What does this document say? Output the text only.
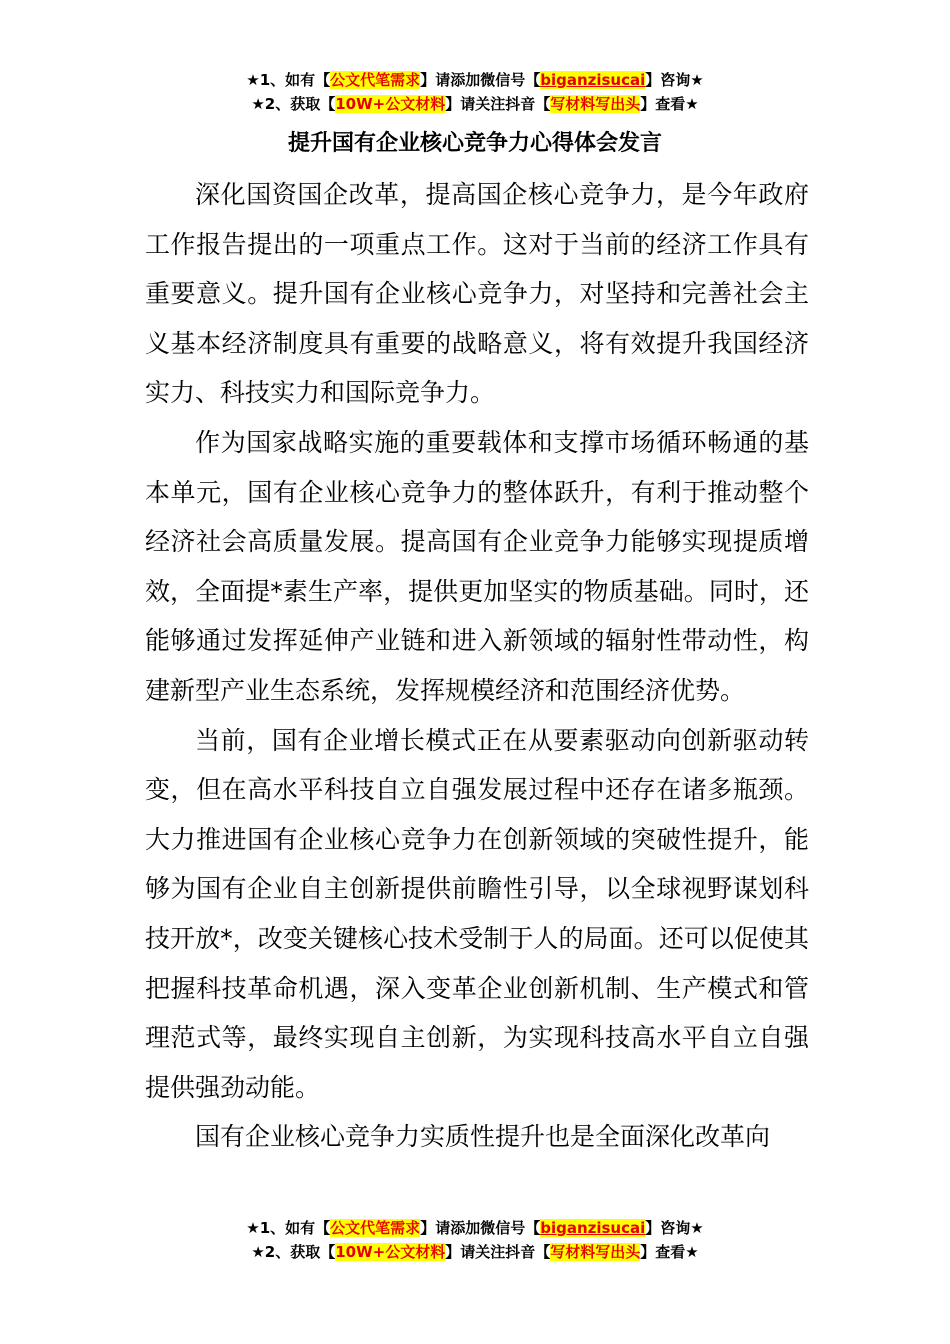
★1、如有【公文代笔需求】请添加微信号【biganzisucai】咨询★
★2、获取【10W+公文材料】请关注抖音【写材料写出头】查看★
提升国有企业核心竞争力心得体会发言

深化国资国企改革，提高国企核心竞争力，是今年政府工作报告提出的一项重点工作。这对于当前的经济工作具有重要意义。提升国有企业核心竞争力，对坚持和完善社会主义基本经济制度具有重要的战略意义，将有效提升我国经济实力、科技实力和国际竞争力。

作为国家战略实施的重要载体和支撑市场循环畅通的基本单元，国有企业核心竞争力的整体跃升，有利于推动整个经济社会高质量发展。提高国有企业竞争力能够实现提质增效，全面提*素生产率，提供更加坚实的物质基础。同时，还能够通过发挥延伸产业链和进入新领域的辐射性带动性，构建新型产业生态系统，发挥规模经济和范围经济优势。

当前，国有企业增长模式正在从要素驱动向创新驱动转变，但在高水平科技自立自强发展过程中还存在诸多瓶颈。大力推进国有企业核心竞争力在创新领域的突破性提升，能够为国有企业自主创新提供前瞻性引导，以全球视野谋划科技开放*，改变关键核心技术受制于人的局面。还可以促使其把握科技革命机遇，深入变革企业创新机制、生产模式和管理范式等，最终实现自主创新，为实现科技高水平自立自强提供强劲动能。

国有企业核心竞争力实质性提升也是全面深化改革向

★1、如有【公文代笔需求】请添加微信号【biganzisucai】咨询★
★2、获取【10W+公文材料】请关注抖音【写材料写出头】查看★
